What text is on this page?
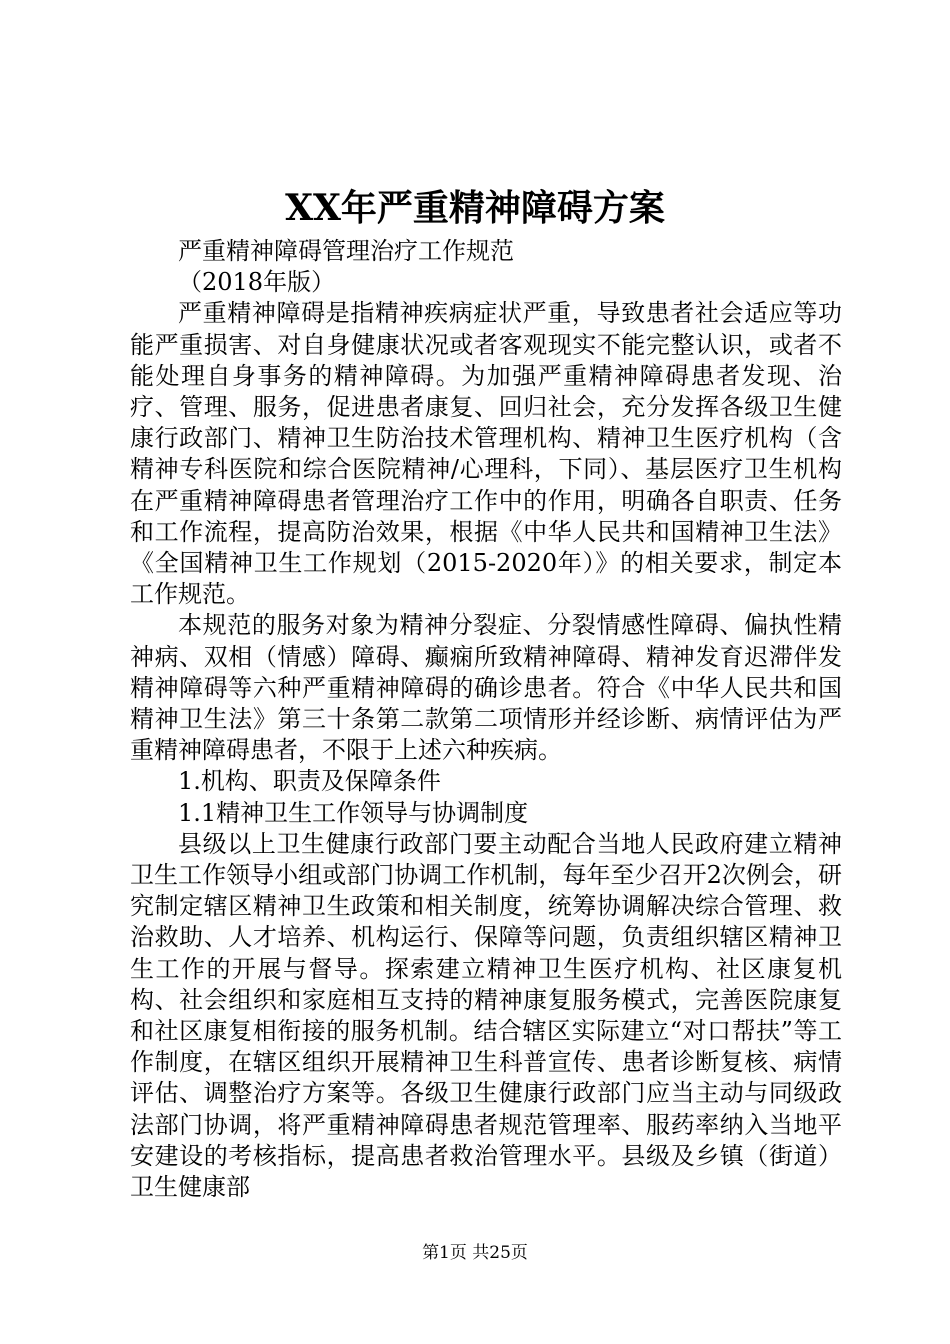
XX年严重精神障碍方案

严重精神障碍管理治疗工作规范

（2018年版）

严重精神障碍是指精神疾病症状严重，导致患者社会适应等功能严重损害、对自身健康状况或者客观现实不能完整认识，或者不能处理自身事务的精神障碍。为加强严重精神障碍患者发现、治疗、管理、服务，促进患者康复、回归社会，充分发挥各级卫生健康行政部门、精神卫生防治技术管理机构、精神卫生医疗机构（含精神专科医院和综合医院精神/心理科，下同）、基层医疗卫生机构在严重精神障碍患者管理治疗工作中的作用，明确各自职责、任务和工作流程，提高防治效果，根据《中华人民共和国精神卫生法》《全国精神卫生工作规划（2015-2020年）》的相关要求，制定本工作规范。

本规范的服务对象为精神分裂症、分裂情感性障碍、偏执性精神病、双相（情感）障碍、癫痫所致精神障碍、精神发育迟滞伴发精神障碍等六种严重精神障碍的确诊患者。符合《中华人民共和国精神卫生法》第三十条第二款第二项情形并经诊断、病情评估为严重精神障碍患者，不限于上述六种疾病。

1.机构、职责及保障条件

1.1精神卫生工作领导与协调制度

县级以上卫生健康行政部门要主动配合当地人民政府建立精神卫生工作领导小组或部门协调工作机制，每年至少召开2次例会，研究制定辖区精神卫生政策和相关制度，统筹协调解决综合管理、救治救助、人才培养、机构运行、保障等问题，负责组织辖区精神卫生工作的开展与督导。探索建立精神卫生医疗机构、社区康复机构、社会组织和家庭相互支持的精神康复服务模式，完善医院康复和社区康复相衔接的服务机制。结合辖区实际建立“对口帮扶”等工作制度，在辖区组织开展精神卫生科普宣传、患者诊断复核、病情评估、调整治疗方案等。各级卫生健康行政部门应当主动与同级政法部门协调，将严重精神障碍患者规范管理率、服药率纳入当地平安建设的考核指标，提高患者救治管理水平。县级及乡镇（街道）卫生健康部

第1页 共25页
